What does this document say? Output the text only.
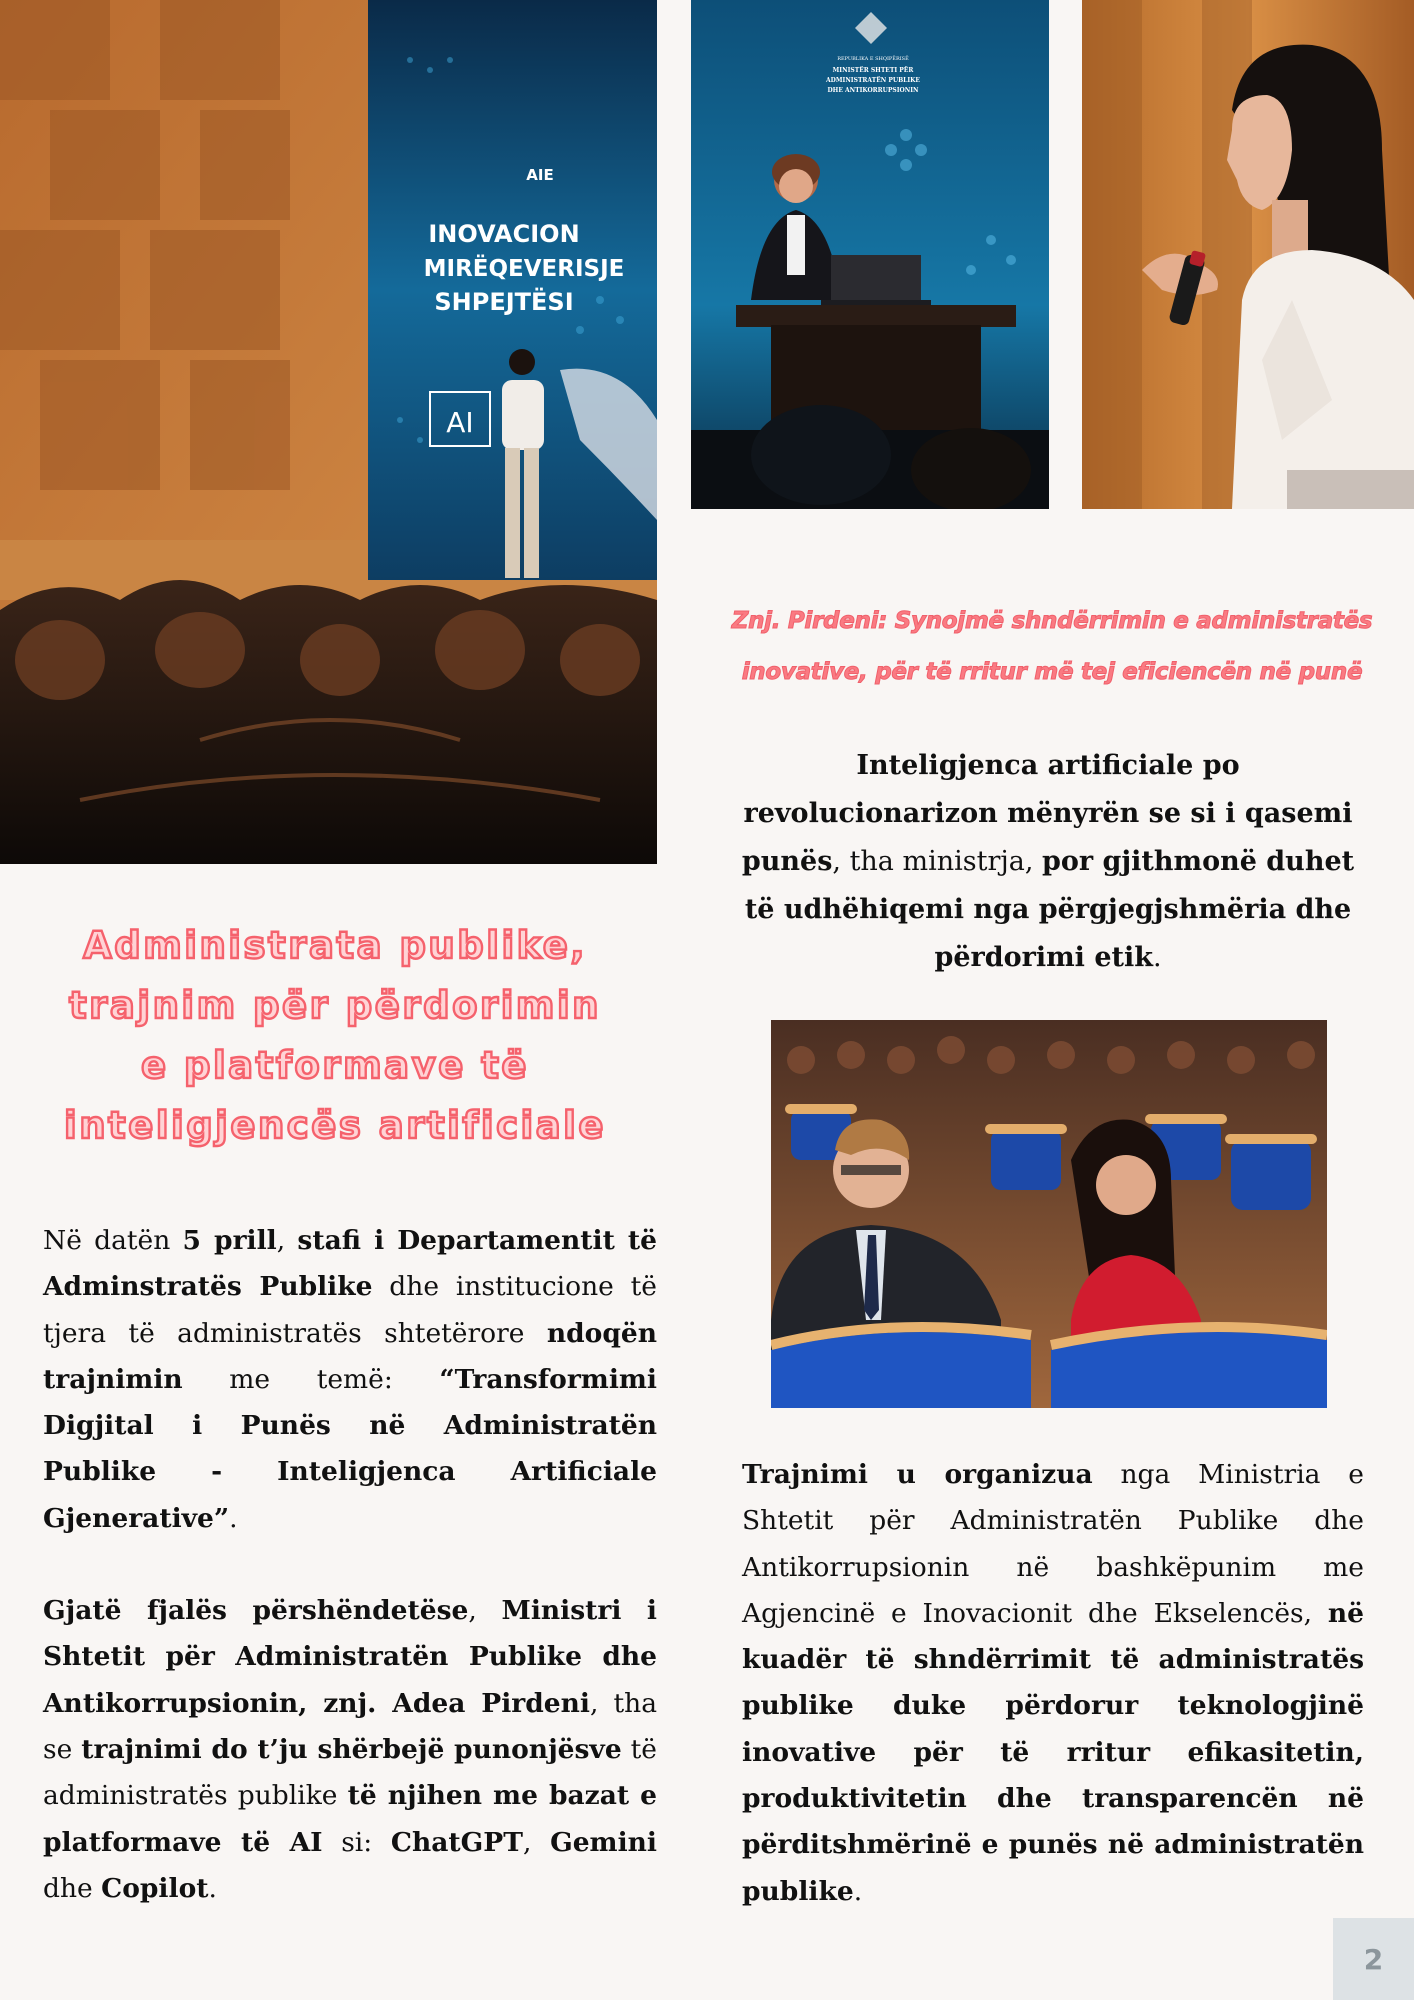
AIE
INOVACION
MIRËQEVERISJE
SHPEJTËSI
AI
REPUBLIKA E SHQIPËRISË
MINISTËR SHTETI PËR
ADMINISTRATËN PUBLIKE
DHE ANTIKORRUPSIONIN
Znj. Pirdeni: Synojmë shndërrimin e administratës
inovative, për të rritur më tej eficiencën në punë
Inteligjenca artificiale po revolucionarizon mënyrën se si i qasemi punës, tha ministrja, por gjithmonë duhet të udhëhiqemi nga përgjegjshmëria dhe përdorimi etik.
Administrata publike,
trajnim për përdorimin
e platformave të
inteligjencës artificiale

Në datën 5 prill, stafi i Departamentit të Adminstratës Publike dhe institucione të tjera të administratës shtetërore ndoqën trajnimin me temë: “Transformimi Digjital i Punës në Administratën Publike - Inteligjenca Artificiale Gjenerative”.

Gjatë fjalës përshëndetëse, Ministri i Shtetit për Administratën Publike dhe Antikorrupsionin, znj. Adea Pirdeni, tha se trajnimi do t’ju shërbejë punonjësve të administratës publike të njihen me bazat e platformave të AI si: ChatGPT, Gemini dhe Copilot.

Trajnimi u organizua nga Ministria e Shtetit për Administratën Publike dhe Antikorrupsionin në bashkëpunim me Agjencinë e Inovacionit dhe Ekselencës, në kuadër të shndërrimit të administratës publike duke përdorur teknologjinë inovative për të rritur efikasitetin, produktivitetin dhe transparencën në përditshmërinë e punës në administratën publike.

2
